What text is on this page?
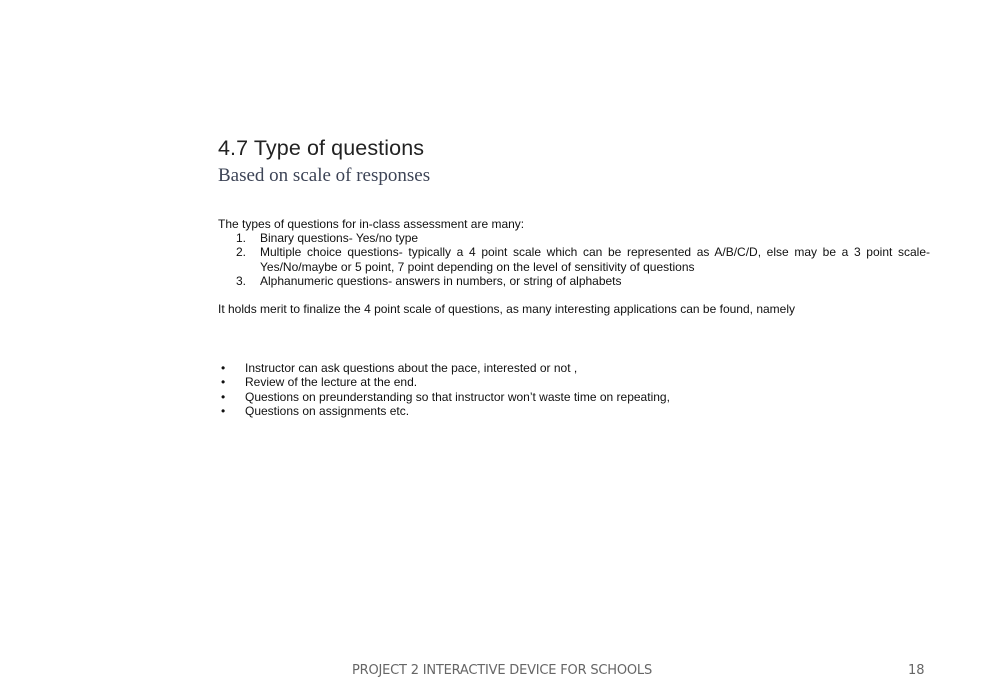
4.7 Type of questions
Based on scale of responses

The types of questions for in-class assessment are many:

1. Binary questions- Yes/no type
2. Multiple choice questions- typically a 4 point scale which can be represented as A/B/C/D, else may be a 3 point scale-
Yes/No/maybe or 5 point, 7 point depending on the level of sensitivity of questions
3. Alphanumeric questions- answers in numbers, or string of alphabets

It holds merit to finalize the 4 point scale of questions, as many interesting applications can be found, namely

• Instructor can ask questions about the pace, interested or not ,
• Review of the lecture at the end.
• Questions on preunderstanding so that instructor won’t waste time on repeating,
• Questions on assignments etc.
PROJECT 2 INTERACTIVE DEVICE FOR SCHOOLS	18
